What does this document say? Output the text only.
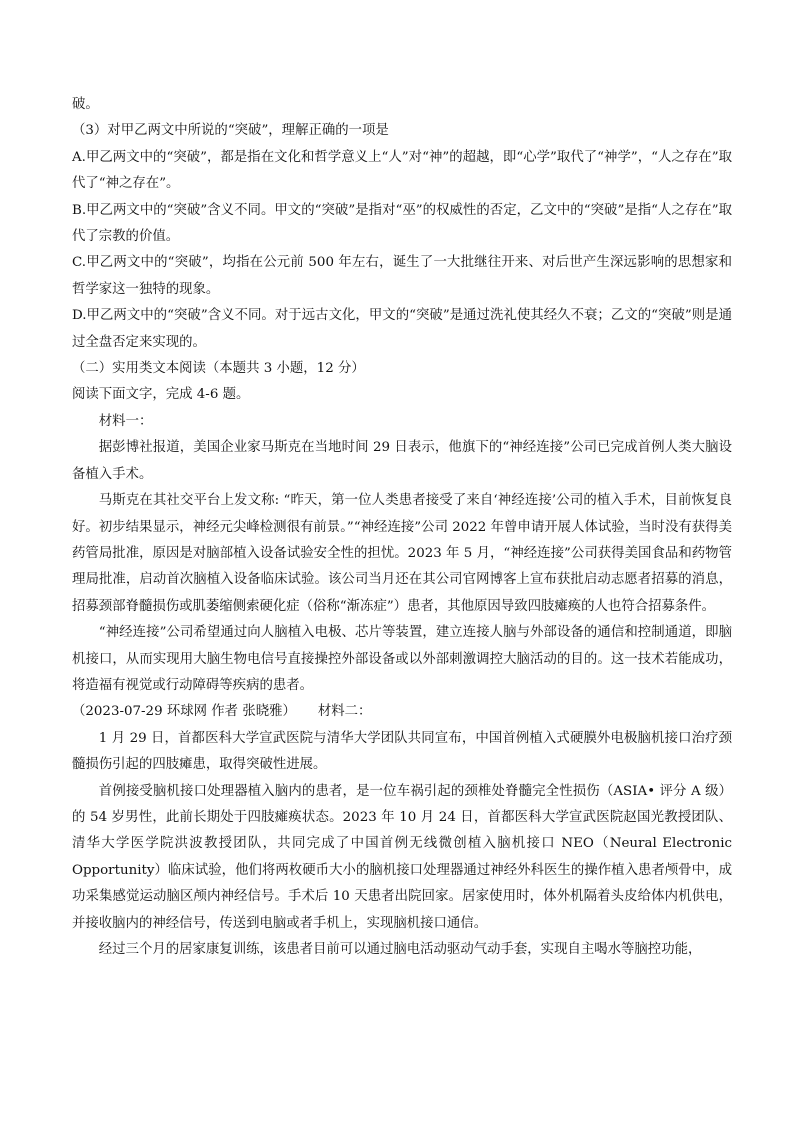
破。

（3）对甲乙两文中所说的“突破”，理解正确的一项是

A.甲乙两文中的“突破”，都是指在文化和哲学意义上“人”对“神”的超越，即“心学”取代了“神学”，“人之存在”取代了“神之存在”。

B.甲乙两文中的“突破”含义不同。甲文的“突破”是指对“巫”的权威性的否定，乙文中的“突破”是指“人之存在”取代了宗教的价值。

C.甲乙两文中的“突破”，均指在公元前 500 年左右，诞生了一大批继往开来、对后世产生深远影响的思想家和哲学家这一独特的现象。

D.甲乙两文中的“突破”含义不同。对于远古文化，甲文的“突破”是通过洗礼使其经久不衰；乙文的“突破”则是通过全盘否定来实现的。

（二）实用类文本阅读（本题共 3 小题，12 分）

阅读下面文字，完成 4-6 题。

材料一：

据彭博社报道，美国企业家马斯克在当地时间 29 日表示，他旗下的“神经连接”公司已完成首例人类大脑设备植入手术。

马斯克在其社交平台上发文称: “昨天，第一位人类患者接受了来自‘神经连接’公司的植入手术，目前恢复良好。初步结果显示，神经元尖峰检测很有前景。”“神经连接”公司 2022 年曾申请开展人体试验，当时没有获得美药管局批准，原因是对脑部植入设备试验安全性的担忧。2023 年 5 月，“神经连接”公司获得美国食品和药物管理局批准，启动首次脑植入设备临床试验。该公司当月还在其公司官网博客上宣布获批启动志愿者招募的消息，招募颈部脊髓损伤或肌萎缩侧索硬化症（俗称“渐冻症”）患者，其他原因导致四肢瘫痪的人也符合招募条件。

“神经连接”公司希望通过向人脑植入电极、芯片等装置，建立连接人脑与外部设备的通信和控制通道，即脑机接口，从而实现用大脑生物电信号直接操控外部设备或以外部刺激调控大脑活动的目的。这一技术若能成功，将造福有视觉或行动障碍等疾病的患者。

（2023-07-29 环球网 作者 张晓雅） 材料二：

1 月 29 日，首都医科大学宣武医院与清华大学团队共同宣布，中国首例植入式硬膜外电极脑机接口治疗颈髓损伤引起的四肢瘫患，取得突破性进展。

首例接受脑机接口处理器植入脑内的患者，是一位车祸引起的颈椎处脊髓完全性损伤（ASIA• 评分 A 级）的 54 岁男性，此前长期处于四肢瘫痪状态。2023 年 10 月 24 日，首都医科大学宣武医院赵国光教授团队、清华大学医学院洪波教授团队，共同完成了中国首例无线微创植入脑机接口 NEO（Neural Electronic Opportunity）临床试验，他们将两枚硬币大小的脑机接口处理器通过神经外科医生的操作植入患者颅骨中，成功采集感觉运动脑区颅内神经信号。手术后 10 天患者出院回家。居家使用时，体外机隔着头皮给体内机供电，并接收脑内的神经信号，传送到电脑或者手机上，实现脑机接口通信。

经过三个月的居家康复训练，该患者目前可以通过脑电活动驱动气动手套，实现自主喝水等脑控功能，
